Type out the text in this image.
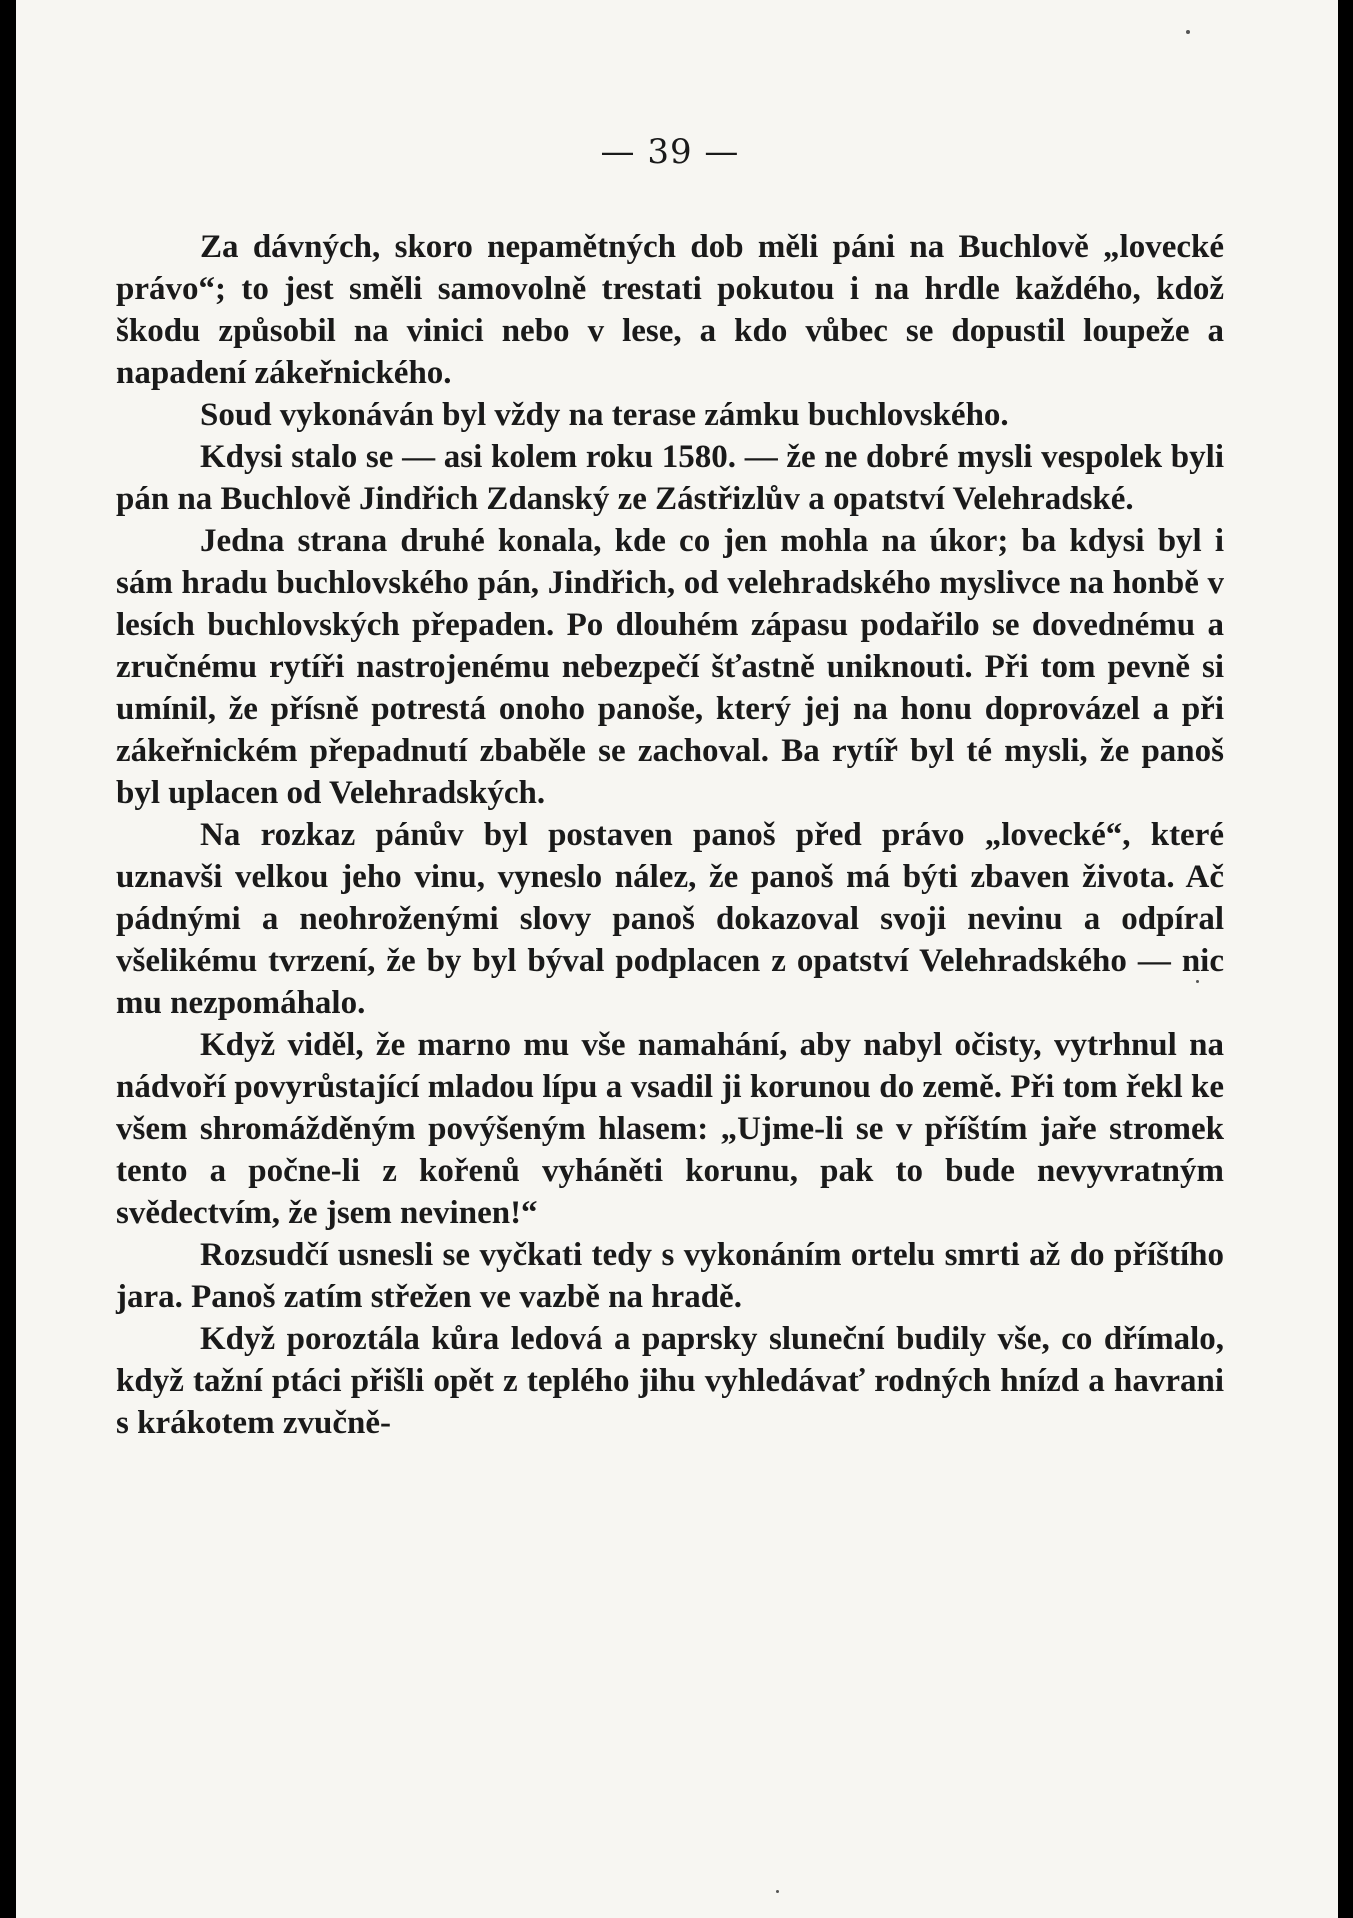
— 39 —

Za dávných, skoro nepamětných dob měli páni na Buchlově „lovecké právo“; to jest směli samovolně trestati pokutou i na hrdle každého, kdož škodu způsobil na vinici nebo v lese, a kdo vůbec se dopustil loupeže a napadení zákeřnického.

Soud vykonáván byl vždy na terase zámku buchlovského.

Kdysi stalo se — asi kolem roku 1580. — že ne dobré mysli vespolek byli pán na Buchlově Jindřich Zdanský ze Zástřizlův a opatství Velehradské.

Jedna strana druhé konala, kde co jen mohla na úkor; ba kdysi byl i sám hradu buchlovského pán, Jindřich, od velehradského myslivce na honbě v lesích buchlovských přepaden. Po dlouhém zápasu podařilo se dovednému a zručnému rytíři nastrojenému nebezpečí šťastně uniknouti. Při tom pevně si umínil, že přísně potrestá onoho panoše, který jej na honu doprovázel a při zákeřnickém přepadnutí zbaběle se zachoval. Ba rytíř byl té mysli, že panoš byl uplacen od Velehradských.

Na rozkaz pánův byl postaven panoš před právo „lovecké“, které uznavši velkou jeho vinu, vyneslo nález, že panoš má býti zbaven života. Ač pádnými a neohroženými slovy panoš dokazoval svoji nevinu a odpíral všelikému tvrzení, že by byl býval podplacen z opatství Velehradského — nic mu nezpomáhalo.

Když viděl, že marno mu vše namahání, aby nabyl očisty, vytrhnul na nádvoří povyrůstající mladou lípu a vsadil ji korunou do země. Při tom řekl ke všem shromážděným povýšeným hlasem: „Ujme-li se v příštím jaře stromek tento a počne-li z kořenů vyháněti korunu, pak to bude nevyvratným svědectvím, že jsem nevinen!“

Rozsudčí usnesli se vyčkati tedy s vykonáním ortelu smrti až do příštího jara. Panoš zatím střežen ve vazbě na hradě.

Když poroztála kůra ledová a paprsky sluneční budily vše, co dřímalo, když tažní ptáci přišli opět z teplého jihu vyhledávať rodných hnízd a havrani s krákotem zvučně-
